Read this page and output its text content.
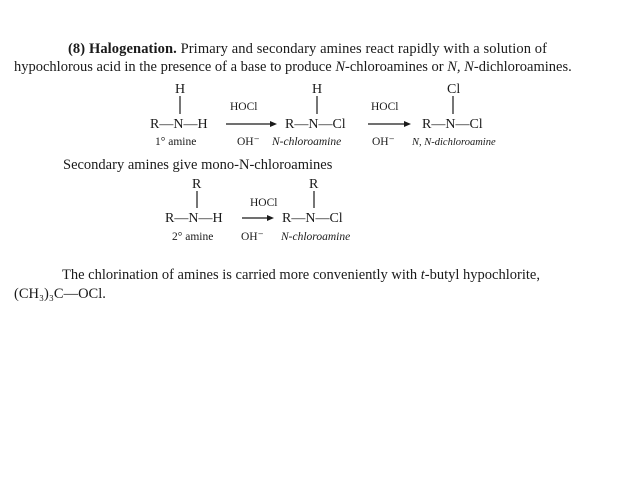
(8) Halogenation. Primary and secondary amines react rapidly with a solution of
hypochlorous acid in the presence of a base to produce N-chloroamines or N, N-dichloroamines.
H
R—N—H
1° amine
HOCl
OH⁻
H
R—N—Cl
N-chloroamine
HOCl
OH⁻
Cl
R—N—Cl
N, N-dichloroamine
R
R—N—H
2° amine
HOCl
OH⁻
R
R—N—Cl
N-chloroamine
Secondary amines give mono-N-chloroamines
The chlorination of amines is carried more conveniently with t-butyl hypochlorite,
(CH₃)₃C—OCl.
